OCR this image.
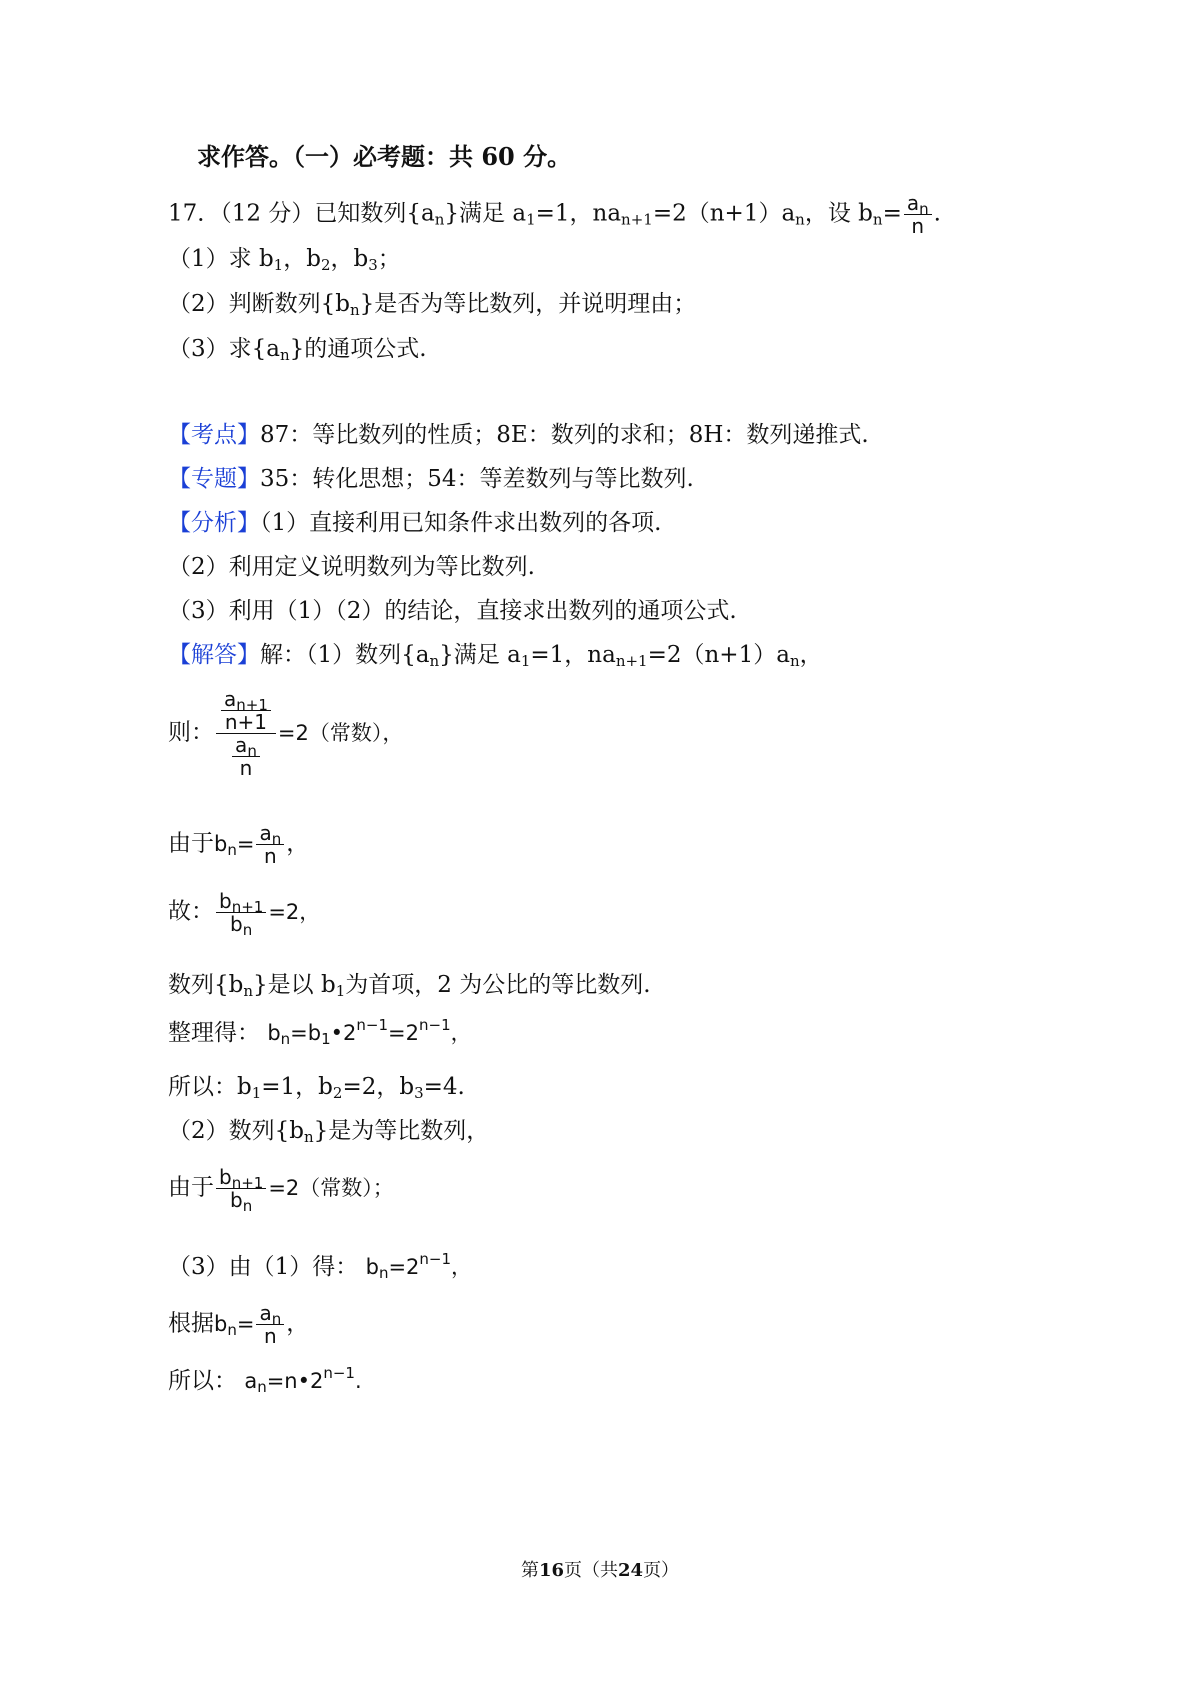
求作答。（一）必考题：共 60 分。
17．（12 分）已知数列$\{a_n\}$满足 $a_1=1$，$na_{n+1}=2(n+1)a_n$，设 $b_n= \frac{a_n}{n}$ .
（1）求 $b_1$，$b_2$，$b_3$；
（2）判断数列$\{b_n\}$是否为等比数列，并说明理由；
（3）求$\{a_n\}$的通项公式.
【考点】87：等比数列的性质；8E：数列的求和；8H：数列递推式.
【专题】35：转化思想；54：等差数列与等比数列.
【分析】（1）直接利用已知条件求出数列的各项.
（2）利用定义说明数列为等比数列.
（3）利用（1）（2）的结论，直接求出数列的通项公式.
【解答】解：（1）数列$\{a_n\}$满足 $a_1=1$，$na_{n+1}=2(n+1)a_n$，
则： $\frac{\frac{a_{n+1}}{n+1}}{\frac{a_n}{n}} =2$（常数），
由于$b_n= \frac{a_n}{n}$ ，
故： $\frac{b_{n+1}}{b_n} =2$，
数列$\{b_n\}$是以 $b_1$为首项，2 为公比的等比数列.
整理得： $b_n=b_1•2^{n-1}=2^{n-1}$，
所以：$b_1=1$，$b_2=2$，$b_3=4$.
（2）数列$\{b_n\}$是为等比数列，
由于 $\frac{b_{n+1}}{b_n} =2$（常数）；
（3）由（1）得： $b_n=2^{n-1}$，
根据$b_n= \frac{a_n}{n}$ ，
所以： $a_n=n•2^{n-1}$.
第16页（共24页）
